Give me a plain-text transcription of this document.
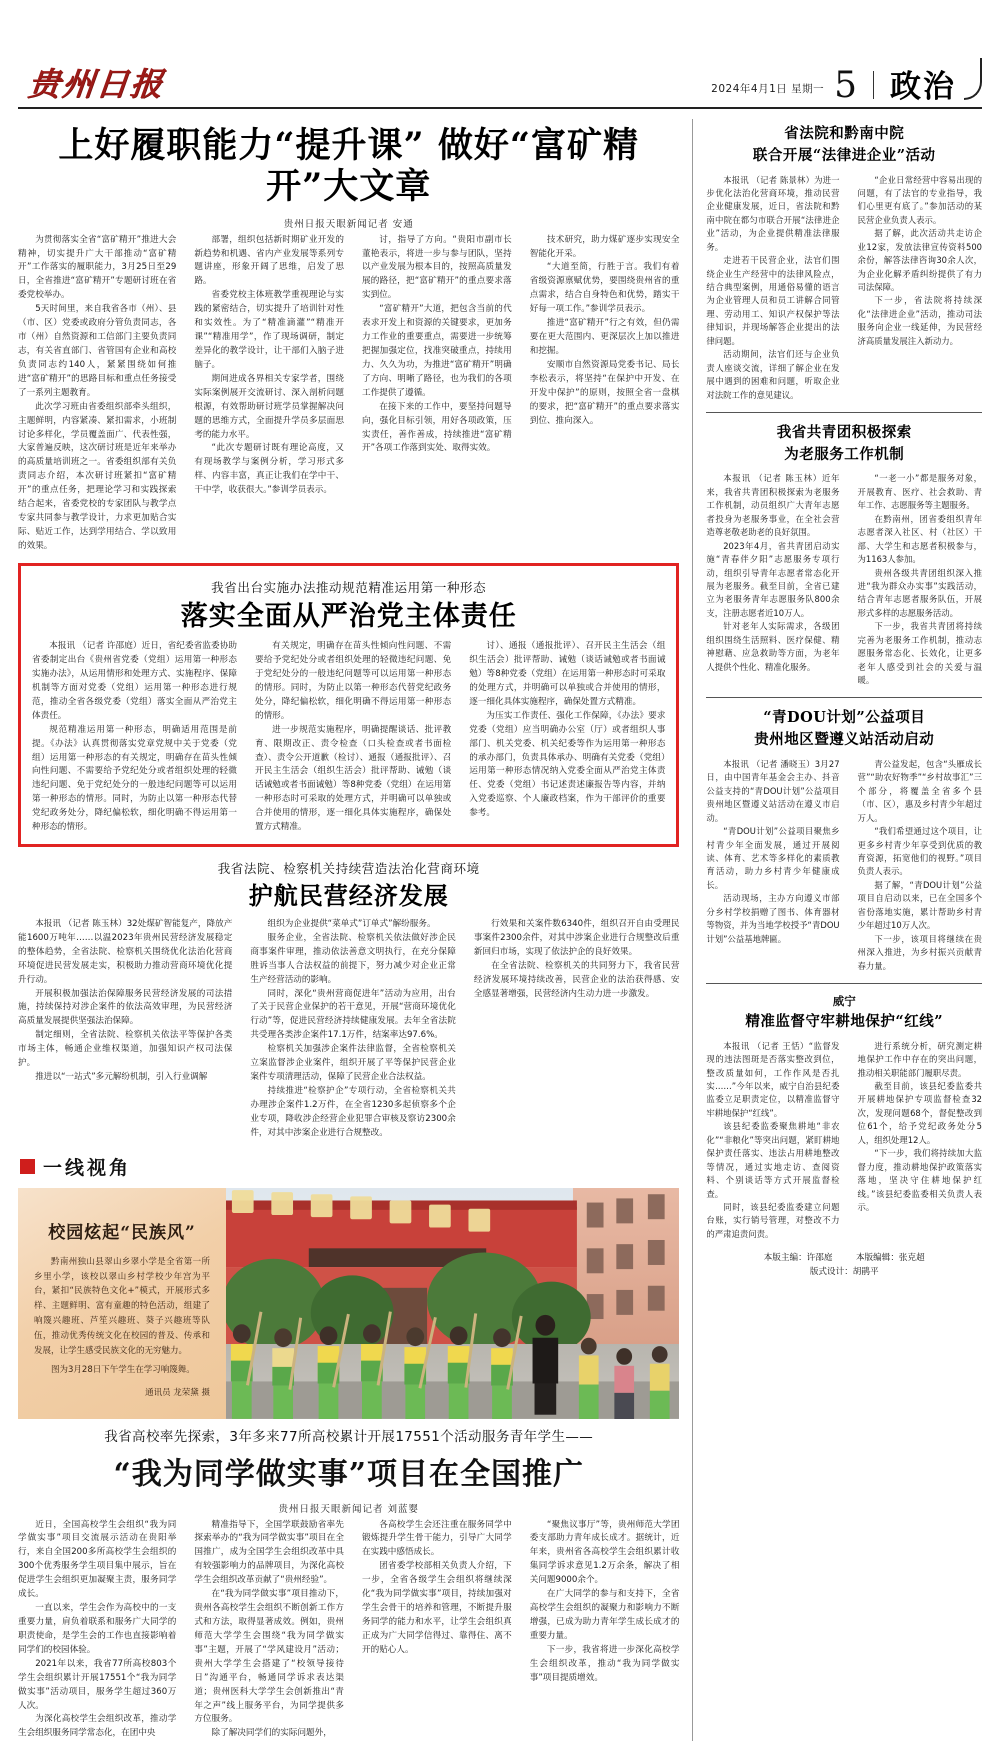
贵州日报	2024年4月1日 星期一 5 政治
上好履职能力“提升课” 做好“富矿精开”大文章
贵州日报天眼新闻记者 安通

为贯彻落实全省“富矿精开”推进大会精神，切实提升广大干部推动“富矿精开”工作落实的履职能力，3月25日至29日，全省推进“富矿精开”专题研讨班在省委党校举办。

5天时间里，来自我省各市（州）、县（市、区）党委或政府分管负责同志，各市（州）自然资源和工信部门主要负责同志，有关省直部门、省管国有企业和高校负责同志约140人，紧紧围绕如何推进“富矿精开”的思路目标和重点任务接受了一系列主题教育。

此次学习班由省委组织部牵头组织，主题鲜明，内容紧凑、紧扣需求，小班制讨论多样化，学员覆盖面广、代表性强，大家普遍反映，这次研讨班是近年来举办的高质量培训班之一。省委组织部有关负责同志介绍，本次研讨班紧扣“富矿精开”的重点任务，把理论学习和实践探索结合起来，省委党校的专家团队与教学点专家共同参与教学设计，力求更加贴合实际、贴近工作，达到学用结合、学以致用的效果。

部署，组织包括新时期矿业开发的新趋势和机遇、省内产业发展等系列专题讲座，形象开阔了思维，启发了思路。

省委党校主体班教学重视理论与实践的紧密结合，切实提升了培训针对性和实效性。为了“精准滴灌”“精准开课”“精准用学”，作了现场调研，制定差异化的教学设计，让干部们入脑子进脑子。

期间进成各界相关专家学者，围绕实际案例展开交流研讨、深入剖析问题根源，有效帮助研讨班学员掌握解决问题的思维方式，全面提升学员多层面思考的能力水平。

“此次专题研讨既有理论高度，又有现场教学与案例分析，学习形式多样、内容丰富，真正让我们在学中干、干中学，收获很大。”参训学员表示。

讨，指导了方向。“贵阳市副市长董艳表示，将进一步与参与团队，坚持以产业发展为根本目的，按照高质量发展的路径，把“富矿精开”的重点要求落实到位。

“富矿精开”大道，把包含当前的代表求开发上和资源的关键要求，更加务力工作业的重要重点，需要进一步统筹把握加强定位，找准突破重点，持续用力、久久为功，为推进“富矿精开”明确了方向、明晰了路径，也为我们的各项工作提供了遵循。

在接下来的工作中，要坚持问题导向，强化目标引领，用好各项政策，压实责任，善作善成，持续推进“富矿精开”各项工作落到实处、取得实效。

技术研究，助力煤矿逐步实现安全智能化开采。

“大道至简，行胜于言。我们有着省级资源禀赋优势，要围绕贵州省的重点需求，结合自身特色和优势，踏实干好每一项工作。”参训学员表示。

推进“富矿精开”行之有效，但仍需要在更大范围内、更深层次上加以推进和挖掘。

安顺市自然资源局党委书记、局长李松表示，将坚持“在保护中开发、在开发中保护”的原则，按照全省一盘棋的要求，把“富矿精开”的重点要求落实到位、推向深入。

我省出台实施办法推动规范精准运用第一种形态
落实全面从严治党主体责任

本报讯 （记者 许邵庭）近日，省纪委省监委协助省委制定出台《贵州省党委（党组）运用第一种形态实施办法》，从运用情形和处理方式、实施程序、保障机制等方面对党委（党组）运用第一种形态进行规范，推动全省各级党委（党组）落实全面从严治党主体责任。

规范精准运用第一种形态，明确适用范围是前提。《办法》认真贯彻落实党章党规中关于党委（党组）运用第一种形态的有关规定，明确存在苗头性倾向性问题、不需要给予党纪处分或者组织处理的轻微违纪问题、免于党纪处分的一般违纪问题等可以运用第一种形态的情形。同时，为防止以第一种形态代替党纪政务处分，降纪偏松软，细化明确不得运用第一种形态的情形。

有关规定，明确存在苗头性倾向性问题、不需要给予党纪处分或者组织处理的轻微违纪问题、免于党纪处分的一般违纪问题等可以运用第一种形态的情形。同时，为防止以第一种形态代替党纪政务处分，降纪偏松软，细化明确不得运用第一种形态的情形。

进一步规范实施程序，明确提醒谈话、批评教育、限期改正、责令检查（口头检查或者书面检查）、责令公开道歉（检讨）、通报（通报批评）、召开民主生活会（组织生活会）批评帮助、诫勉（谈话诫勉或者书面诫勉）等8种党委（党组）在运用第一种形态时可采取的处理方式，并明确可以单独或合并使用的情形，逐一细化具体实施程序，确保处置方式精准。

讨）、通报（通报批评）、召开民主生活会（组织生活会）批评帮助、诫勉（谈话诫勉或者书面诫勉）等8种党委（党组）在运用第一种形态时可采取的处理方式，并明确可以单独或合并使用的情形，逐一细化具体实施程序，确保处置方式精准。

为压实工作责任、强化工作保障，《办法》要求党委（党组）应当明确办公室（厅）或者组织人事部门、机关党委、机关纪委等作为运用第一种形态的承办部门，负责具体承办、明确有关党委（党组）运用第一种形态情况纳入党委全面从严治党主体责任、党委（党组）书记述责述廉报告等内容，并纳入党委巡察、个人廉政档案，作为干部评价的重要参考。

我省法院、检察机关持续营造法治化营商环境
护航民营经济发展

本报讯 （记者 陈玉林）32处煤矿智能复产，降放产能1600万吨年……以温2023年贵州民营经济发展稳定的整体趋势，全省法院、检察机关围绕优化法治化营商环境促进民营发展走实，积极助力推动营商环境优化提升行动。

开展积极加强法治保障服务民营经济发展的司法措施，持续保持对涉企案件的依法高效审理，为民营经济高质量发展提供坚强法治保障。

制定细则，全省法院、检察机关依法平等保护各类市场主体，畅通企业维权渠道，加强知识产权司法保护。

推进以“一站式”多元解纷机制，引入行业调解

组织为企业提供“菜单式”订单式”解纷服务。

服务企业，全省法院、检察机关依法做好涉企民商事案件审理，推动依法善意文明执行，在充分保障胜诉当事人合法权益的前提下，努力减少对企业正常生产经营活动的影响。

同时，深化“贵州营商促进年”活动为应用，出台了关于民营企业保护的若干意见，开展“营商环境优化行动”等，促进民营经济持续健康发展。去年全省法院共受理各类涉企案件17.1万件，结案率达97.6%。

检察机关加强涉企案件法律监督，全省检察机关立案监督涉企业案件，组织开展了平等保护民营企业案件专项清理活动，保障了民营企业合法权益。

持续推进“检察护企”专项行动，全省检察机关共办理涉企案件1.2万件，在全省1230多起侦察多个企业专项，降收涉企经营企业犯罪合审核及察访2300余件，对其中涉案企业进行合规整改。

行效果和关案件数6340件，组织召开自由受理民事案件2300余件，对其中涉案企业进行合规整改后重新回归市场，实现了依法护企的良好效果。

在全省法院、检察机关的共同努力下，我省民营经济发展环境持续改善，民营企业的法治获得感、安全感显著增强，民营经济内生动力进一步激发。

一线视角
校园炫起“民族风”

黔南州独山县翠山乡翠小学是全省第一所乡里小学，该校以翠山乡村学校少年宫为平台，紧扣“民族特色文化+”模式，开展形式多样、主题鲜明、富有童趣的特色活动，组建了响篾兴趣班、芦笙兴趣班、葵子兴趣班等队伍，推动优秀传统文化在校园的普及、传承和发展，让学生感受民族文化的无穷魅力。

图为3月28日下午学生在学习响篾舞。

通讯员 龙荣黛 摄

我省高校率先探索，3年多来77所高校累计开展17551个活动服务青年学生——
“我为同学做实事”项目在全国推广
贵州日报天眼新闻记者 刘蓝婴

近日，全国高校学生会组织“我为同学做实事”项目交流展示活动在贵阳举行，来自全国200多所高校学生会组织的300个优秀服务学生项目集中展示，旨在促进学生会组织更加凝聚主责，服务同学成长。

一直以来，学生会作为高校中的一支重要力量，肩负着联系和服务广大同学的职责使命，是学生会的工作也直接影响着同学们的校园体验。

2021年以来，我省77所高校803个学生会组织累计开展17551个“我为同学做实事”活动项目，服务学生超过360万人次。

为深化高校学生会组织改革，推动学生会组织服务同学常态化，在团中央

精准指导下，全国学联鼓励省率先探索举办的“我为同学做实事”项目在全国推广，成为全国学生会组织改革中具有较强影响力的品牌项目，为深化高校学生会组织改革贡献了“贵州经验”。

在“我为同学做实事”项目推动下，贵州各高校学生会组织不断创新工作方式和方法，取得显著成效。例如，贵州师范大学学生会围绕“我为同学做实事”主题，开展了“学风建设月”活动；贵州大学学生会搭建了“校领导接待日”沟通平台，畅通同学诉求表达渠道；贵州医科大学学生会创新推出“青年之声”线上服务平台，为同学提供多方位服务。

除了解决同学们的实际问题外，

各高校学生会还注重在服务同学中锻炼提升学生骨干能力，引导广大同学在实践中感悟成长。

团省委学校部相关负责人介绍，下一步，全省各级学生会组织将继续深化“我为同学做实事”项目，持续加强对学生会骨干的培养和管理，不断提升服务同学的能力和水平，让学生会组织真正成为广大同学信得过、靠得住、离不开的贴心人。

“聚焦议事厅”等，贵州师范大学团委支部助力青年成长成才。据统计，近年来，贵州省各高校学生会组织累计收集同学诉求意见1.2万余条，解决了相关问题9000余个。

在广大同学的参与和支持下，全省高校学生会组织的凝聚力和影响力不断增强，已成为助力青年学生成长成才的重要力量。

下一步，我省将进一步深化高校学生会组织改革，推动“我为同学做实事”项目提质增效。

省法院和黔南中院
联合开展“法律进企业”活动

本报讯 （记者 陈景林）为进一步优化法治化营商环境，推动民营企业健康发展，近日，省法院和黔南中院在都匀市联合开展“法律进企业”活动，为企业提供精准法律服务。

走进若干民营企业，法官们围绕企业生产经营中的法律风险点，结合典型案例，用通俗易懂的语言为企业管理人员和员工讲解合同管理、劳动用工、知识产权保护等法律知识，并现场解答企业提出的法律问题。

活动期间，法官们还与企业负责人座谈交流，详细了解企业在发展中遇到的困难和问题，听取企业对法院工作的意见建议。

“企业日常经营中容易出现的问题，有了法官的专业指导，我们心里更有底了。”参加活动的某民营企业负责人表示。

据了解，此次活动共走访企业12家，发放法律宣传资料500余份，解答法律咨询30余人次，为企业化解矛盾纠纷提供了有力司法保障。

下一步，省法院将持续深化“法律进企业”活动，推动司法服务向企业一线延伸，为民营经济高质量发展注入新动力。

我省共青团积极探索
为老服务工作机制

本报讯 （记者 陈玉林）近年来，我省共青团积极探索为老服务工作机制，动员组织广大青年志愿者投身为老服务事业，在全社会营造尊老敬老助老的良好氛围。

2023年4月，省共青团启动实施“青春伴夕阳”志愿服务专项行动，组织引导青年志愿者常态化开展为老服务。截至目前，全省已建立为老服务青年志愿服务队800余支，注册志愿者近10万人。

针对老年人实际需求，各级团组织围绕生活照料、医疗保健、精神慰藉、应急救助等方面，为老年人提供个性化、精准化服务。

“一老一小”都是服务对象，开展教育、医疗、社会救助、青年工作、志愿服务等主题服务。

在黔南州，团省委组织青年志愿者深入社区、村（社区）干部、大学生和志愿者积极参与，为1163人参加。

贵州各级共青团组织深入推进“我为群众办实事”实践活动，结合青年志愿者服务队伍，开展形式多样的志愿服务活动。

下一步，我省共青团将持续完善为老服务工作机制，推动志愿服务常态化、长效化，让更多老年人感受到社会的关爱与温暖。

“青DOU计划”公益项目
贵州地区暨遵义站活动启动

本报讯 （记者 潘晓玉）3月27日，由中国青年基金会主办、抖音公益支持的“青DOU计划”公益项目贵州地区暨遵义站活动在遵义市启动。

“青DOU计划”公益项目聚焦乡村青少年全面发展，通过开展阅读、体育、艺术等多样化的素质教育活动，助力乡村青少年健康成长。

活动现场，主办方向遵义市部分乡村学校捐赠了图书、体育器材等物资，并为当地学校授予“青DOU计划”公益基地牌匾。

青公益发起，包含“头雁成长营”“助农好物季”“乡村故事汇”三个部分，将覆盖全省多个县（市、区），惠及乡村青少年超过万人。

“我们希望通过这个项目，让更多乡村青少年享受到优质的教育资源，拓宽他们的视野。”项目负责人表示。

据了解，“青DOU计划”公益项目自启动以来，已在全国多个省份落地实施，累计帮助乡村青少年超过10万人次。

下一步，该项目将继续在贵州深入推进，为乡村振兴贡献青春力量。

威宁
精准监督守牢耕地保护“红线”

本报讯 （记者 王恬）“监督发现的违法图斑是否落实整改到位，整改质量如何，工作作风是否扎实……”今年以来，威宁自治县纪委监委立足职责定位，以精准监督守牢耕地保护“红线”。

该县纪委监委聚焦耕地“非农化”“非粮化”等突出问题，紧盯耕地保护责任落实、违法占用耕地整改等情况，通过实地走访、查阅资料、个别谈话等方式开展监督检查。

同时，该县纪委监委建立问题台账，实行销号管理，对整改不力的严肃追责问责。

进行系统分析，研究测定耕地保护工作中存在的突出问题，推动相关职能部门履职尽责。

截至目前，该县纪委监委共开展耕地保护专项监督检查32次，发现问题68个，督促整改到位61个，给予党纪政务处分5人，组织处理12人。

“下一步，我们将持续加大监督力度，推动耕地保护政策落实落地，坚决守住耕地保护红线。”该县纪委监委相关负责人表示。

本版主编：许邵庭	本版编辑：张克超
版式设计：胡鹃平
